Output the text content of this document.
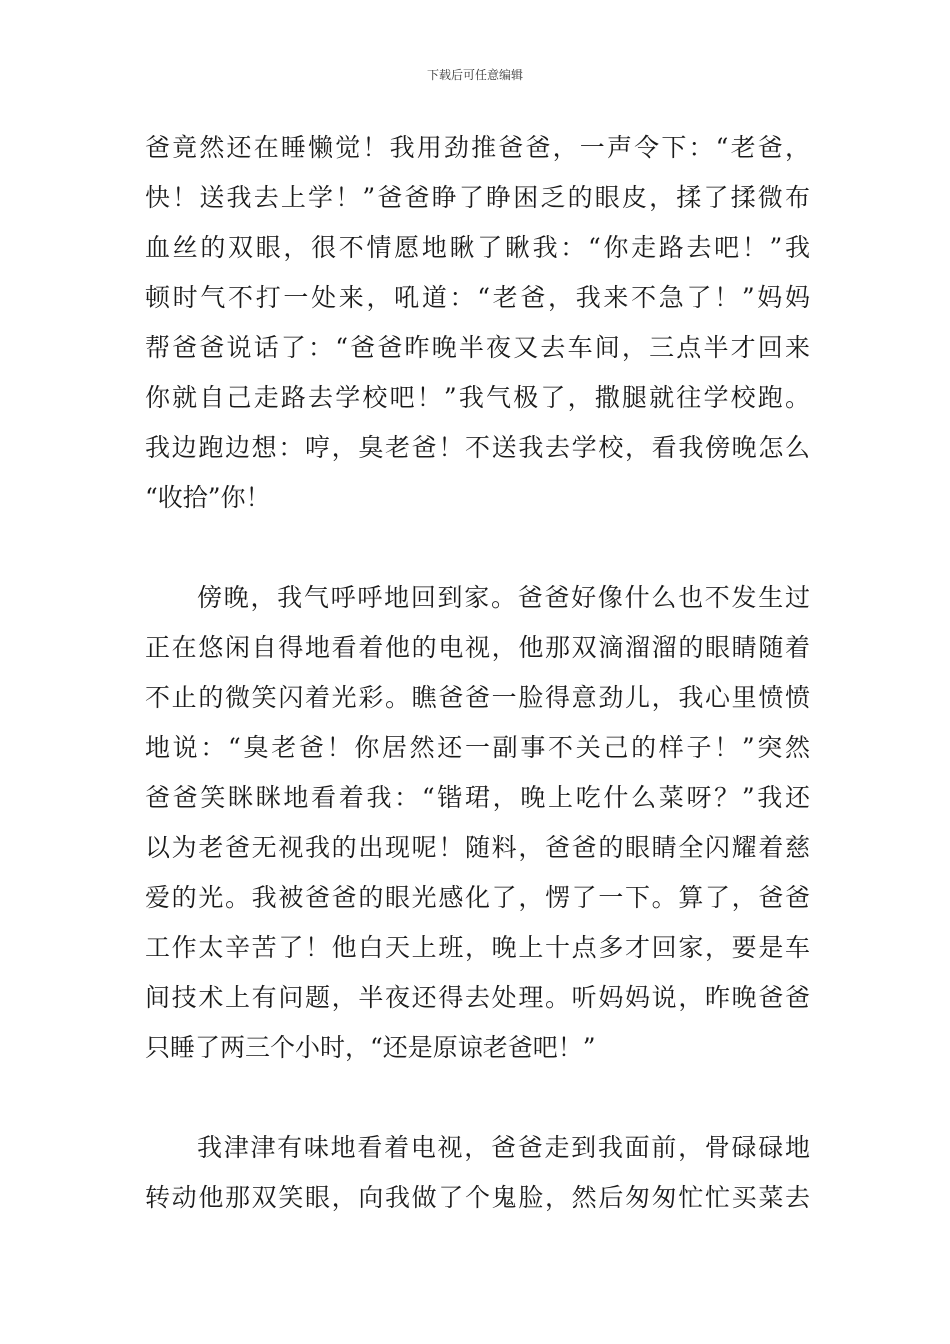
下载后可任意编辑
爸竟然还在睡懒觉！我用劲推爸爸，一声令下：“老爸，
快！送我去上学！”爸爸睁了睁困乏的眼皮，揉了揉微布
血丝的双眼，很不情愿地瞅了瞅我：“你走路去吧！”我
顿时气不打一处来，吼道：“老爸，我来不急了！”妈妈
帮爸爸说话了：“爸爸昨晚半夜又去车间，三点半才回来
你就自己走路去学校吧！”我气极了，撒腿就往学校跑。
我边跑边想：哼，臭老爸！不送我去学校，看我傍晚怎么
“收拾”你！
傍晚，我气呼呼地回到家。爸爸好像什么也不发生过
正在悠闲自得地看着他的电视，他那双滴溜溜的眼睛随着
不止的微笑闪着光彩。瞧爸爸一脸得意劲儿，我心里愤愤
地说：“臭老爸！你居然还一副事不关己的样子！”突然
爸爸笑眯眯地看着我：“锴珺，晚上吃什么菜呀？”我还
以为老爸无视我的出现呢！随料，爸爸的眼睛全闪耀着慈
爱的光。我被爸爸的眼光感化了，愣了一下。算了，爸爸
工作太辛苦了！他白天上班，晚上十点多才回家，要是车
间技术上有问题，半夜还得去处理。听妈妈说，昨晚爸爸
只睡了两三个小时，“还是原谅老爸吧！”
我津津有味地看着电视，爸爸走到我面前，骨碌碌地
转动他那双笑眼，向我做了个鬼脸，然后匆匆忙忙买菜去
